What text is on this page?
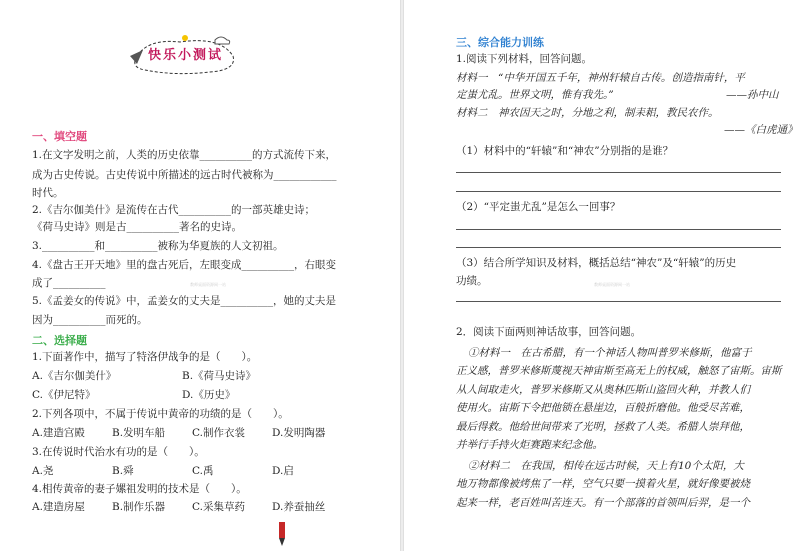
快乐小测试
一、填空题
1.在文字发明之前，人类的历史依靠__________的方式流传下来，
成为古史传说。古史传说中所描述的远古时代被称为____________
时代。
2.《吉尔伽美什》是流传在古代__________的一部英雄史诗；
《荷马史诗》则是古__________著名的史诗。
3.__________和__________被称为华夏族的人文初祖。
4.《盘古王开天地》里的盘古死后，左眼变成__________，右眼变
成了__________
5.《孟姜女的传说》中，孟姜女的丈夫是__________，她的丈夫是
因为__________而死的。
二、选择题
1.下面著作中，描写了特洛伊战争的是（　　）。
A.《吉尔伽美什》	B.《荷马史诗》
C.《伊尼特》	D.《历史》
2.下列各项中，不属于传说中黄帝的功绩的是（　　）。
A.建造宫殿	B.发明车船	C.制作衣裳	D.发明陶器
3.在传说时代治水有功的是（　　）。
A.尧	B.舜	C.禹	D.启
4.相传黄帝的妻子嫘祖发明的技术是（　　）。
A.建造房屋	B.制作乐器	C.采集草药	D.养蚕抽丝
教师桌面资源网一站
三、综合能力训练
1.阅读下列材料，回答问题。
材料一　“中华开国五千年，神州轩辕自古传。创造指南针，平
定蚩尤乱。世界文明，惟有我先。”	——孙中山
材料二　神农因天之时，分地之利，制耒耜，教民农作。
——《白虎通》
（1）材料中的“轩辕”和“神农”分别指的是谁？
（2）“平定蚩尤乱”是怎么一回事？
（3）结合所学知识及材料，概括总结“神农”及“轩辕”的历史
功绩。
2．阅读下面两则神话故事，回答问题。
①材料一　在古希腊，有一个神话人物叫普罗米修斯，他富于
正义感，普罗米修斯蔑视天神宙斯至高无上的权威，触怒了宙斯。宙斯
从人间取走火，普罗米修斯又从奥林匹斯山盗回火种，并教人们
使用火。宙斯下令把他锁在悬崖边，百般折磨他。他受尽苦难，
最后得救。他给世间带来了光明，拯救了人类。希腊人崇拜他，
并举行手持火炬赛跑来纪念他。
②材料二　在我国，相传在远古时候，天上有10个太阳，大
地万物都像被烤焦了一样，空气只要一摸着火星，就好像要被烧
起来一样，老百姓叫苦连天。有一个部落的首领叫后羿，是一个
教师桌面资源网一站
